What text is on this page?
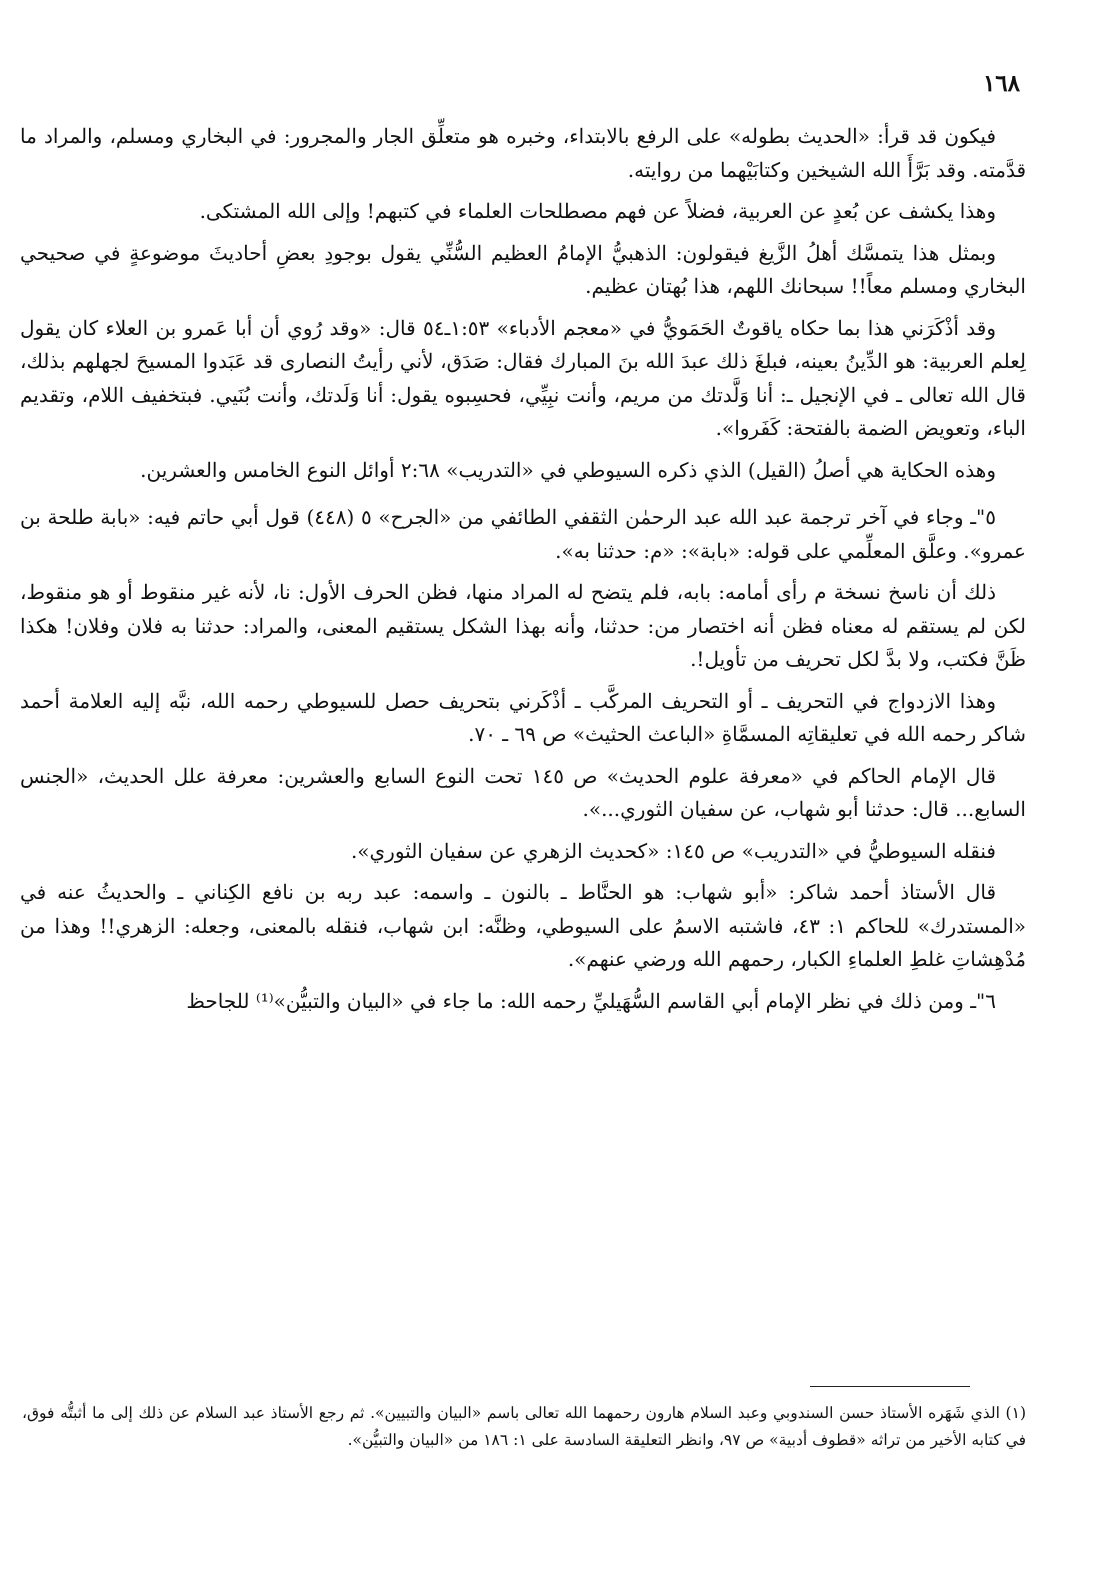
١٦٨

فيكون قد قرأ: «الحديث بطوله» على الرفع بالابتداء، وخبره هو متعلِّق الجار والمجرور: في البخاري ومسلم، والمراد ما قدَّمته. وقد بَرَّأَ الله الشيخين وكتابَيْهما من روايته.

وهذا يكشف عن بُعدٍ عن العربية، فضلاً عن فهم مصطلحات العلماء في كتبهم! وإلى الله المشتكى.

وبمثل هذا يتمسَّك أهلُ الزَّيغ فيقولون: الذهبيُّ الإمامُ العظيم السُّنِّي يقول بوجودِ بعضِ أحاديثَ موضوعةٍ في صحيحي البخاري ومسلم معاً!! سبحانك اللهم، هذا بُهتان عظيم.

وقد أذْكَرَني هذا بما حكاه ياقوتٌ الحَمَويُّ في «معجم الأدباء» ١:٥٣ـ٥٤ قال: «وقد رُوي أن أبا عَمرو بن العلاء كان يقول لِعلم العربية: هو الدِّينُ بعينه، فبلغَ ذلك عبدَ الله بنَ المبارك فقال: صَدَق، لأني رأيتُ النصارى قد عَبَدوا المسيحَ لجهلهم بذلك، قال الله تعالى ـ في الإنجيل ـ: أنا وَلَّدتك من مريم، وأنت نبِيِّي، فحسِبوه يقول: أنا وَلَدتك، وأنت بُنَيي. فبتخفيف اللام، وتقديم الباء، وتعويض الضمة بالفتحة: كَفَروا».

وهذه الحكاية هي أصلُ (القيل) الذي ذكره السيوطي في «التدريب» ٢:٦٨ أوائل النوع الخامس والعشرين.

٥"ـ وجاء في آخر ترجمة عبد الله عبد الرحمٰن الثقفي الطائفي من «الجرح» ٥ (٤٤٨) قول أبي حاتم فيه: «بابة طلحة بن عمرو». وعلَّق المعلِّمي على قوله: «بابة»: «م: حدثنا به».

ذلك أن ناسخ نسخة م رأى أمامه: بابه، فلم يتضح له المراد منها، فظن الحرف الأول: نا، لأنه غير منقوط أو هو منقوط، لكن لم يستقم له معناه فظن أنه اختصار من: حدثنا، وأنه بهذا الشكل يستقيم المعنى، والمراد: حدثنا به فلان وفلان! هكذا ظَنَّ فكتب، ولا بدَّ لكل تحريف من تأويل!.

وهذا الازدواج في التحريف ـ أو التحريف المركَّب ـ أذْكَرني بتحريف حصل للسيوطي رحمه الله، نبَّه إليه العلامة أحمد شاكر رحمه الله في تعليقاتِه المسمَّاةِ «الباعث الحثيث» ص ٦٩ ـ ٧٠.

قال الإمام الحاكم في «معرفة علوم الحديث» ص ١٤٥ تحت النوع السابع والعشرين: معرفة علل الحديث، «الجنس السابع... قال: حدثنا أبو شهاب، عن سفيان الثوري...».

فنقله السيوطيُّ في «التدريب» ص ١٤٥: «كحديث الزهري عن سفيان الثوري».

قال الأستاذ أحمد شاكر: «أبو شهاب: هو الحنَّاط ـ بالنون ـ واسمه: عبد ربه بن نافع الكِناني ـ والحديثُ عنه في «المستدرك» للحاكم ١: ٤٣، فاشتبه الاسمُ على السيوطي، وظنَّه: ابن شهاب، فنقله بالمعنى، وجعله: الزهري!! وهذا من مُدْهِشاتِ غلطِ العلماءِ الكبار، رحمهم الله ورضي عنهم».

٦"ـ ومن ذلك في نظر الإمام أبي القاسم السُّهَيليِّ رحمه الله: ما جاء في «البيان والتبيُّن»⁽¹⁾ للجاحظ

(١) الذي شَهَره الأستاذ حسن السندوبي وعبد السلام هارون رحمهما الله تعالى باسم «البيان والتبيين». ثم رجع الأستاذ عبد السلام عن ذلك إلى ما أثبتُّه فوق، في كتابه الأخير من تراثه «قطوف أدبية» ص ٩٧، وانظر التعليقة السادسة على ١: ١٨٦ من «البيان والتبيُّن».
